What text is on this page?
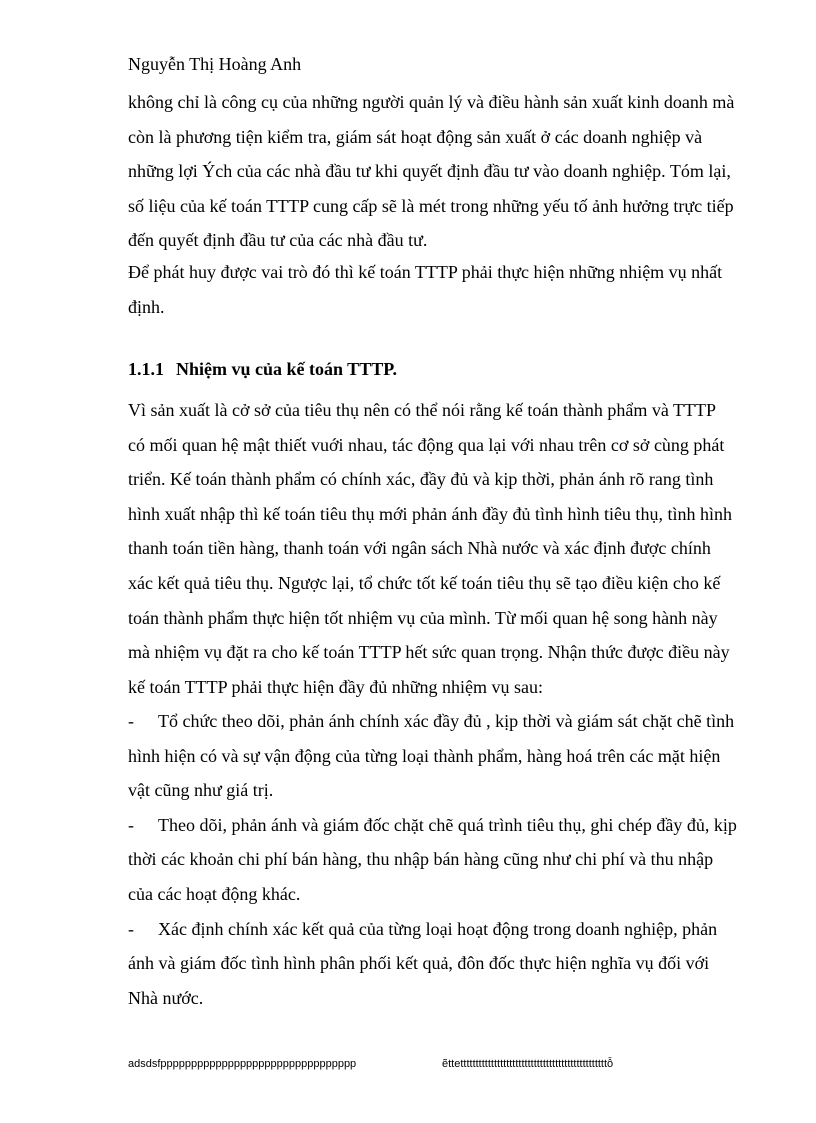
Nguyễn Thị Hoàng Anh
không chỉ là công cụ của những người quản lý và điều hành sản xuất kinh doanh mà
còn là phương tiện kiểm tra, giám sát hoạt động sản xuất ở các doanh nghiệp và
những lợi Ých của các nhà đầu tư khi quyết định đầu tư vào doanh nghiệp. Tóm lại,
số liệu của kế toán TTTP cung cấp sẽ là mét trong những yếu tố ảnh hưởng trực tiếp
đến quyết định đầu tư của các nhà đầu tư.
Để phát huy được vai trò đó thì kế toán TTTP phải thực hiện những nhiệm vụ nhất
định.
1.1.1 Nhiệm vụ của kế toán TTTP.
Vì sản xuất là cở sở của tiêu thụ nên có thể nói rằng kế toán thành phẩm và TTTP
có mối quan hệ mật thiết vuới nhau, tác động qua lại với nhau trên cơ sở cùng phát
triển. Kế toán thành phẩm có chính xác, đầy đủ và kịp thời, phản ánh rõ rang tình
hình xuất nhập thì kế toán tiêu thụ mới phản ánh đầy đủ tình hình tiêu thụ, tình hình
thanh toán tiền hàng, thanh toán với ngân sách Nhà nước và xác định được chính
xác kết quả tiêu thụ. Ngược lại, tổ chức tốt kế toán tiêu thụ sẽ tạo điều kiện cho kế
toán thành phẩm thực hiện tốt nhiệm vụ của mình. Từ mối quan hệ song hành này
mà nhiệm vụ đặt ra cho kế toán TTTP hết sức quan trọng. Nhận thức được điều này
kế toán TTTP phải thực hiện đầy đủ những nhiệm vụ sau:
- Tổ chức theo dõi, phản ánh chính xác đầy đủ , kịp thời và giám sát chặt chẽ tình
hình hiện có và sự vận động của từng loại thành phẩm, hàng hoá trên các mặt hiện
vật cũng như giá trị.
- Theo dõi, phản ánh và giám đốc chặt chẽ quá trình tiêu thụ, ghi chép đầy đủ, kịp
thời các khoản chi phí bán hàng, thu nhập bán hàng cũng như chi phí và thu nhập
của các hoạt động khác.
- Xác định chính xác kết quả của từng loại hoạt động trong doanh nghiệp, phản
ánh và giám đốc tình hình phân phối kết quả, đôn đốc thực hiện nghĩa vụ đối với
Nhà nước.
adsdsfpppppppppppppppppppppppppppppppp	ẽttettttttttttttttttttttttttttttttttttttttttttttttttỗ
